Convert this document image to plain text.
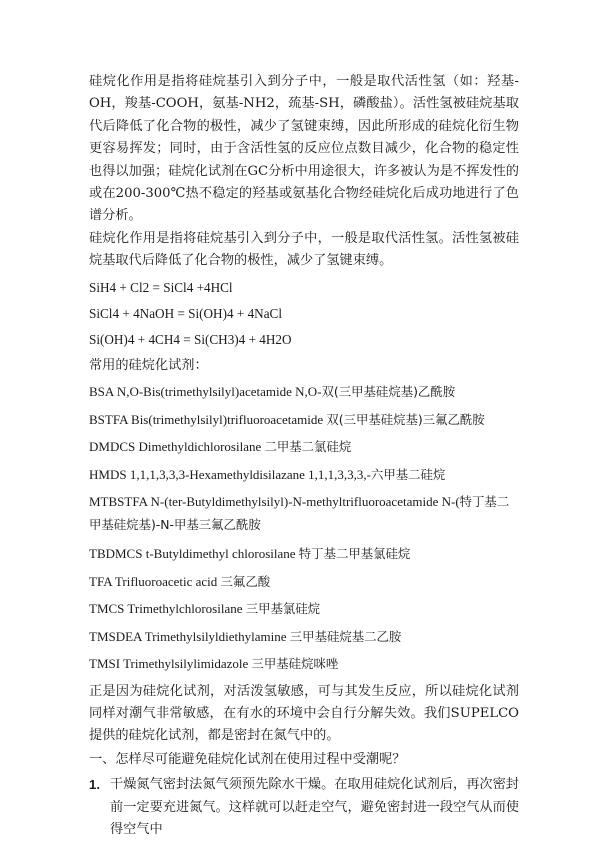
硅烷化作用是指将硅烷基引入到分子中，一般是取代活性氢（如：羟基-OH，羧基-COOH，氨基-NH2，巯基-SH，磷酸盐）。活性氢被硅烷基取代后降低了化合物的极性，减少了氢键束缚，因此所形成的硅烷化衍生物更容易挥发；同时，由于含活性氢的反应位点数目减少，化合物的稳定性也得以加强；硅烷化试剂在GC分析中用途很大，许多被认为是不挥发性的或在200-300℃热不稳定的羟基或氨基化合物经硅烷化后成功地进行了色谱分析。

硅烷化作用是指将硅烷基引入到分子中，一般是取代活性氢。活性氢被硅烷基取代后降低了化合物的极性，减少了氢键束缚。

SiH4 + Cl2 = SiCl4 +4HCl

SiCl4 + 4NaOH = Si(OH)4 + 4NaCl

Si(OH)4 + 4CH4 = Si(CH3)4 + 4H2O

常用的硅烷化试剂：

BSA N,O-Bis(trimethylsilyl)acetamide N,O-双(三甲基硅烷基)乙酰胺

BSTFA Bis(trimethylsilyl)trifluoroacetamide 双(三甲基硅烷基)三氟乙酰胺

DMDCS Dimethyldichlorosilane 二甲基二氯硅烷

HMDS 1,1,1,3,3,3-Hexamethyldisilazane 1,1,1,3,3,3,-六甲基二硅烷

MTBSTFA N-(ter-Butyldimethylsilyl)-N-methyltrifluoroacetamide N-(特丁基二甲基硅烷基)-N-甲基三氟乙酰胺

TBDMCS t-Butyldimethyl chlorosilane 特丁基二甲基氯硅烷

TFA Trifluoroacetic acid 三氟乙酸

TMCS Trimethylchlorosilane 三甲基氯硅烷

TMSDEA Trimethylsilyldiethylamine 三甲基硅烷基二乙胺

TMSI Trimethylsilylimidazole 三甲基硅烷咪唑

正是因为硅烷化试剂，对活泼氢敏感，可与其发生反应，所以硅烷化试剂同样对潮气非常敏感，在有水的环境中会自行分解失效。我们SUPELCO提供的硅烷化试剂，都是密封在氮气中的。

一、怎样尽可能避免硅烷化试剂在使用过程中受潮呢？

1. 干燥氮气密封法氮气须预先除水干燥。在取用硅烷化试剂后，再次密封前一定要充进氮气。这样就可以赶走空气，避免密封进一段空气从而使得空气中
